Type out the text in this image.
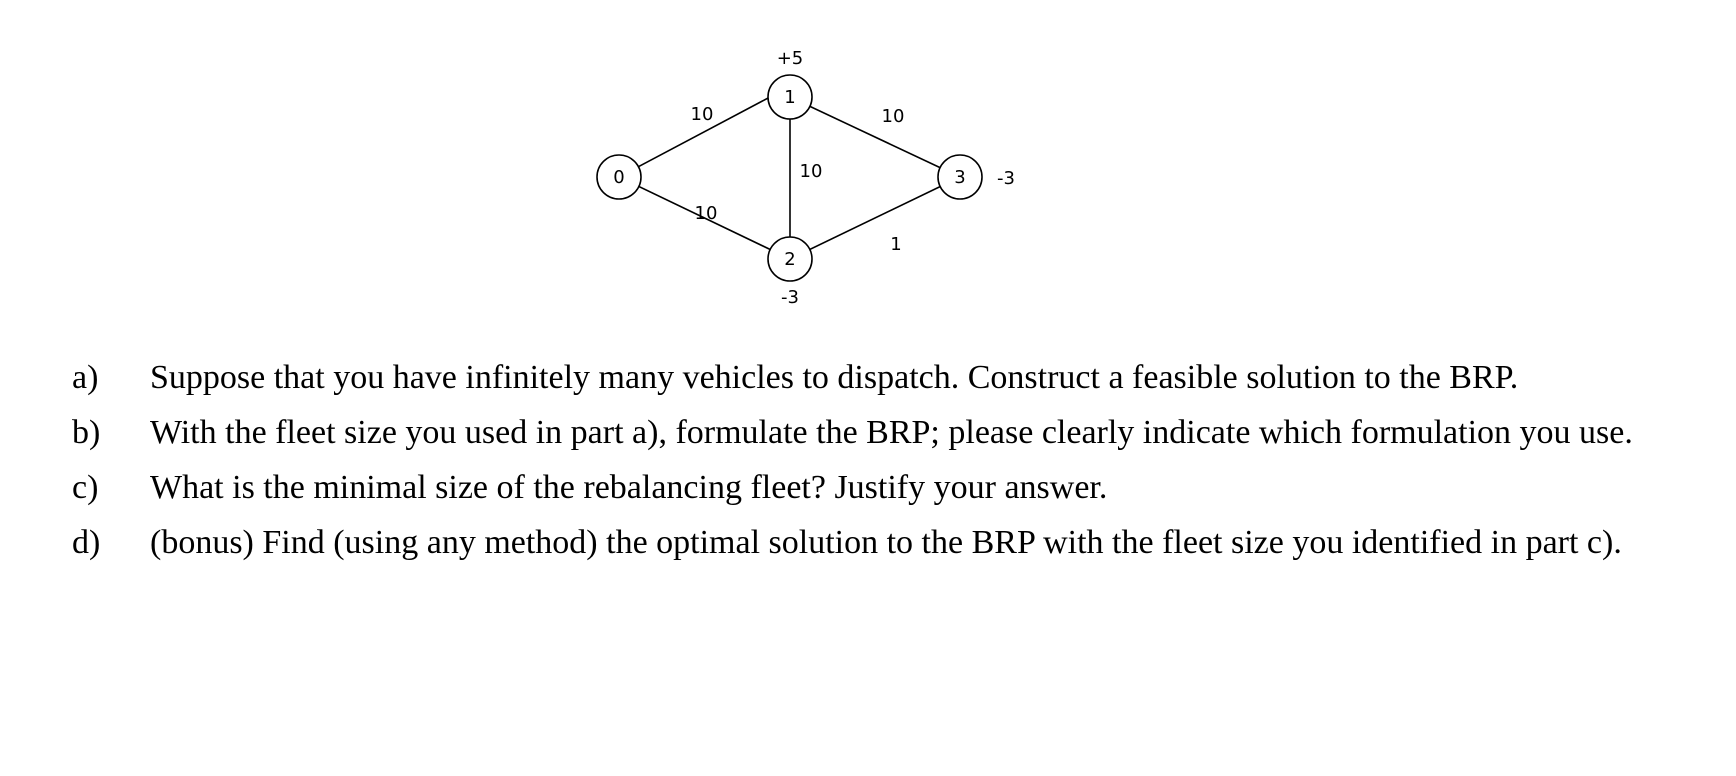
10
10
10
10
1
0
1
2
3
+5
-3
-3
a) Suppose that you have infinitely many vehicles to dispatch. Construct a feasible solution to the BRP.
b) With the fleet size you used in part a), formulate the BRP; please clearly indicate which formulation you use.
c) What is the minimal size of the rebalancing fleet? Justify your answer.
d) (bonus) Find (using any method) the optimal solution to the BRP with the fleet size you identified in part c).
